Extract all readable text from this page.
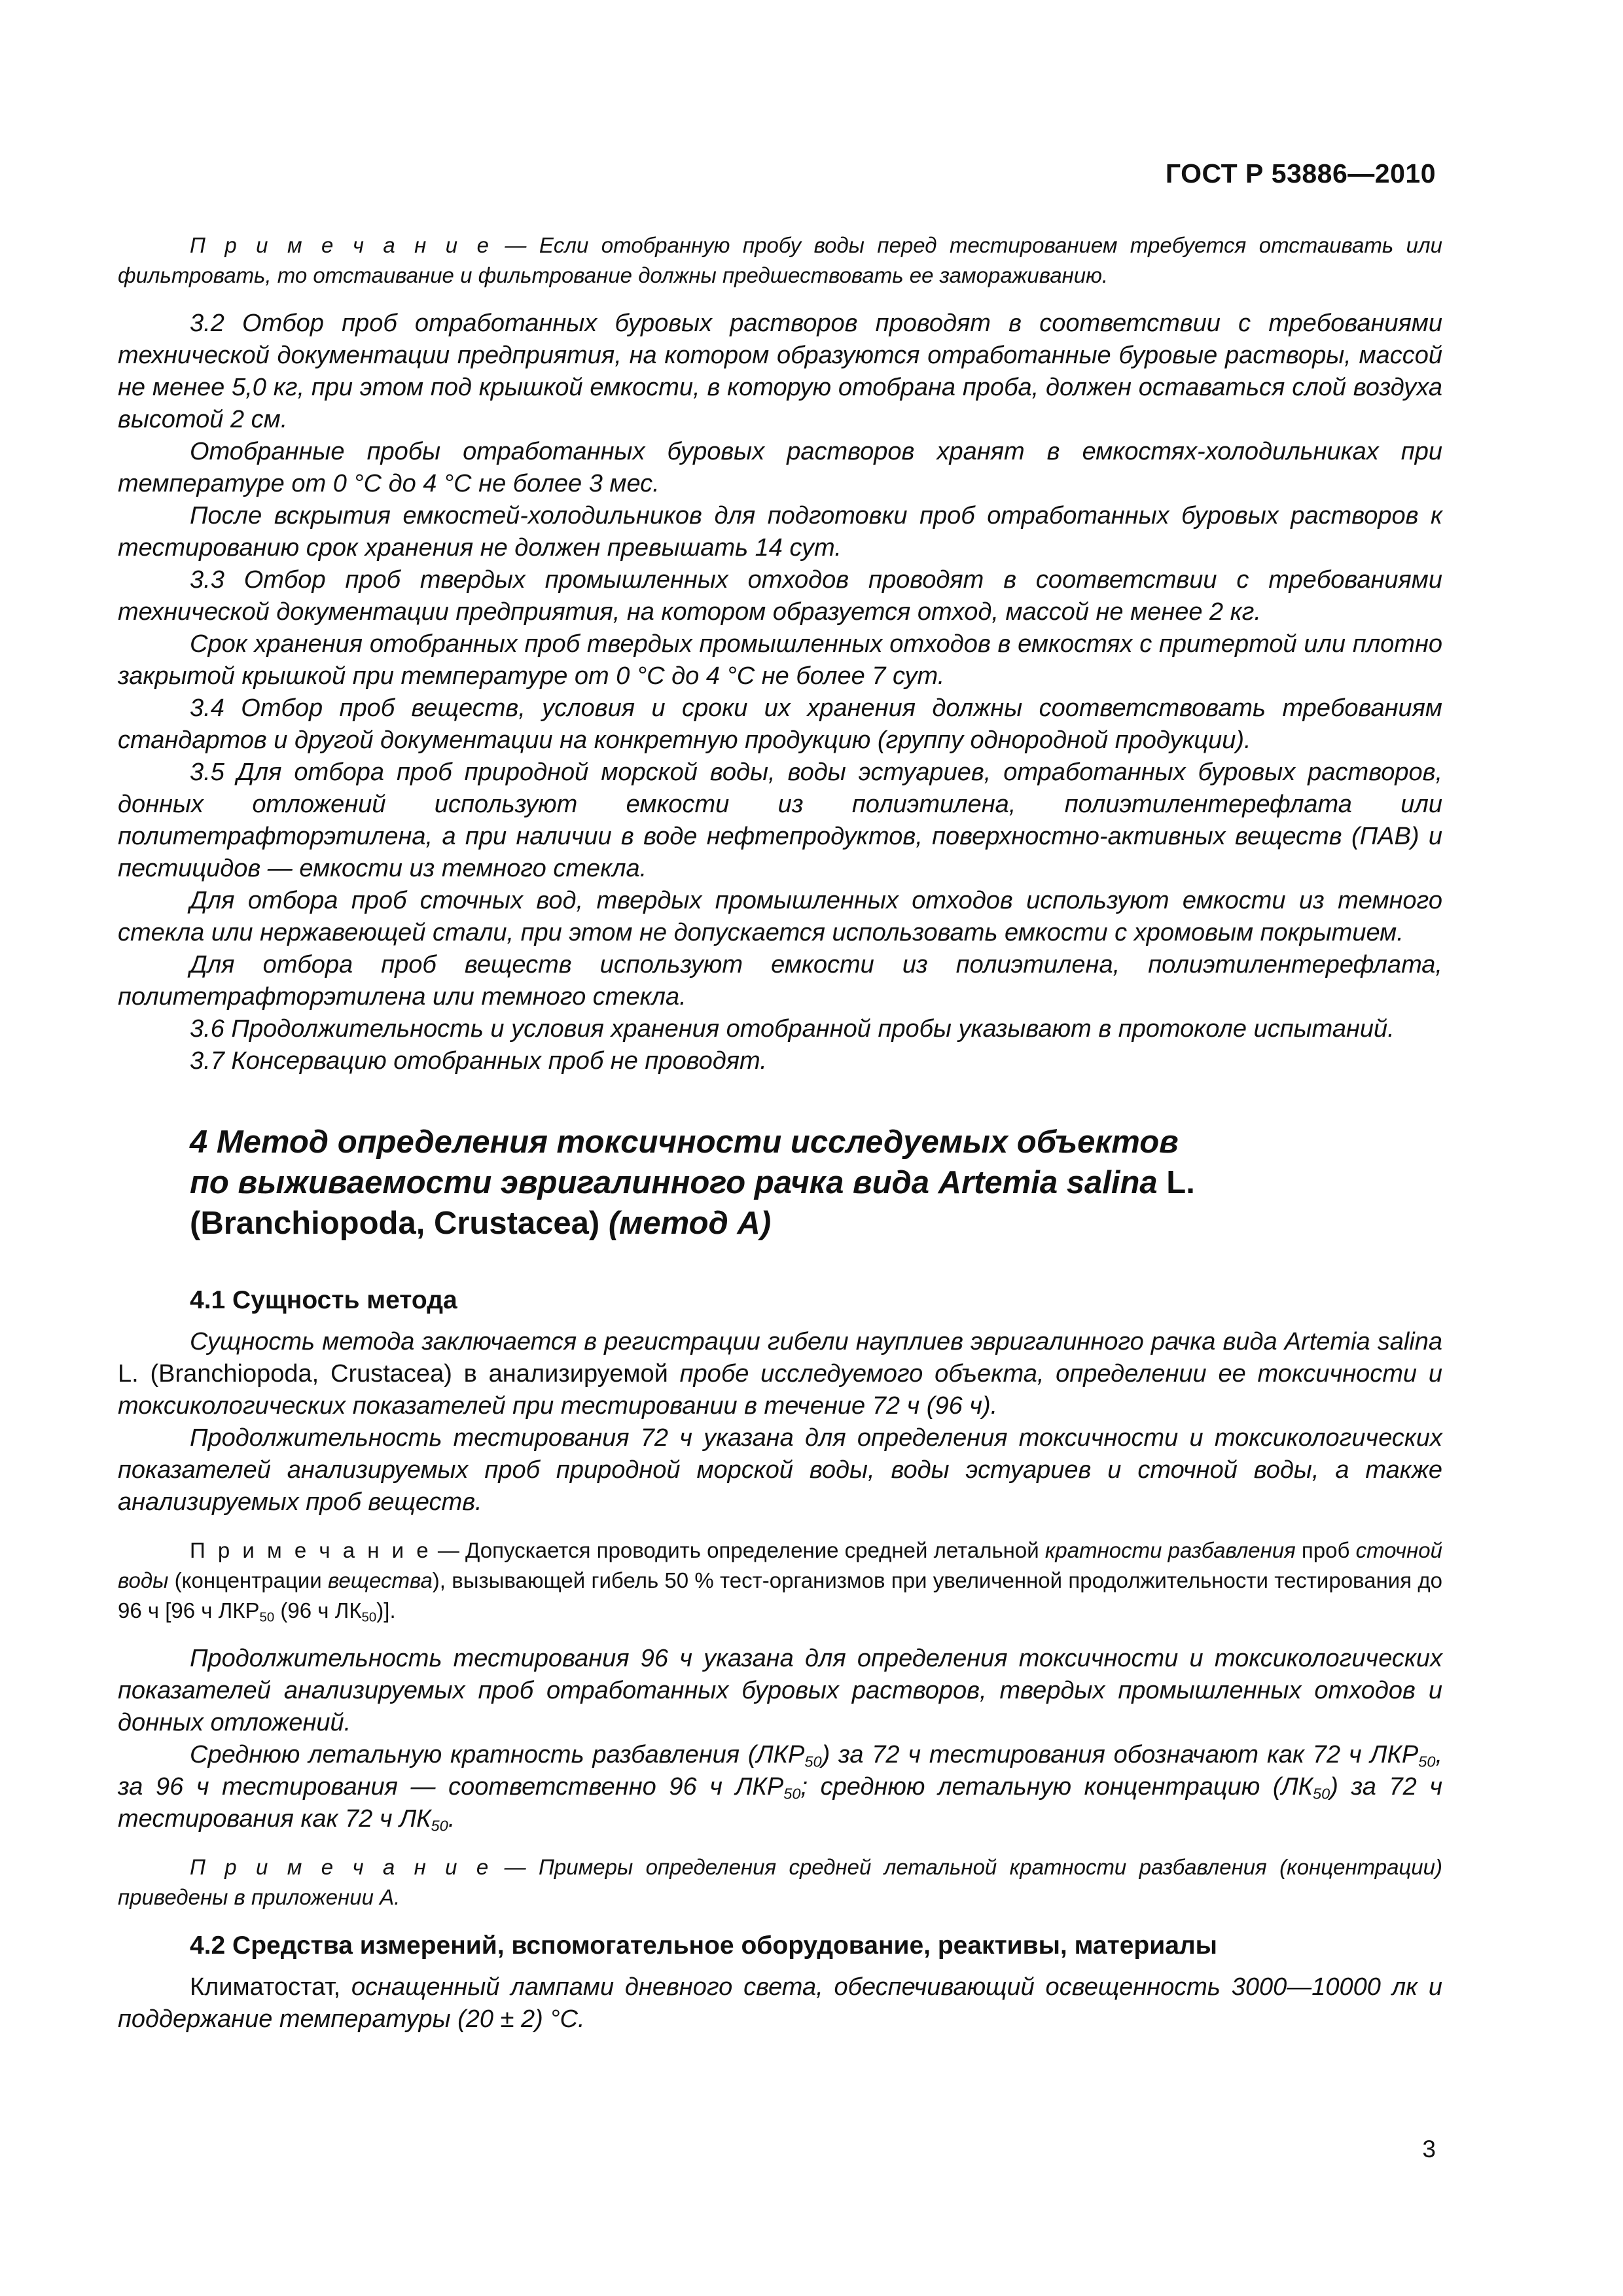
ГОСТ Р 53886—2010

П р и м е ч а н и е — Если отобранную пробу воды перед тестированием требуется отстаивать или фильтровать, то отстаивание и фильтрование должны предшествовать ее замораживанию.

3.2 Отбор проб отработанных буровых растворов проводят в соответствии с требованиями технической документации предприятия, на котором образуются отработанные буровые растворы, массой не менее 5,0 кг, при этом под крышкой емкости, в которую отобрана проба, должен оставаться слой воздуха высотой 2 см.

Отобранные пробы отработанных буровых растворов хранят в емкостях-холодильниках при температуре от 0 °С до 4 °С не более 3 мес.

После вскрытия емкостей-холодильников для подготовки проб отработанных буровых растворов к тестированию срок хранения не должен превышать 14 сут.

3.3 Отбор проб твердых промышленных отходов проводят в соответствии с требованиями технической документации предприятия, на котором образуется отход, массой не менее 2 кг.

Срок хранения отобранных проб твердых промышленных отходов в емкостях с притертой или плотно закрытой крышкой при температуре от 0 °С до 4 °С не более 7 сут.

3.4 Отбор проб веществ, условия и сроки их хранения должны соответствовать требованиям стандартов и другой документации на конкретную продукцию (группу однородной продукции).

3.5 Для отбора проб природной морской воды, воды эстуариев, отработанных буровых растворов, донных отложений используют емкости из полиэтилена, полиэтилентерефлата или политетрафторэтилена, а при наличии в воде нефтепродуктов, поверхностно-активных веществ (ПАВ) и пестицидов — емкости из темного стекла.

Для отбора проб сточных вод, твердых промышленных отходов используют емкости из темного стекла или нержавеющей стали, при этом не допускается использовать емкости с хромовым покрытием.

Для отбора проб веществ используют емкости из полиэтилена, полиэтилентерефлата, политетрафторэтилена или темного стекла.

3.6 Продолжительность и условия хранения отобранной пробы указывают в протоколе испытаний.

3.7 Консервацию отобранных проб не проводят.

4 Метод определения токсичности исследуемых объектов
по выживаемости эвригалинного рачка вида Artemia salina L.
(Branchiopoda, Crustacea) (метод А)
4.1 Сущность метода

Сущность метода заключается в регистрации гибели науплиев эвригалинного рачка вида Artemia salina L. (Branchiopoda, Crustacea) в анализируемой пробе исследуемого объекта, определении ее токсичности и токсикологических показателей при тестировании в течение 72 ч (96 ч).

Продолжительность тестирования 72 ч указана для определения токсичности и токсикологических показателей анализируемых проб природной морской воды, воды эстуариев и сточной воды, а также анализируемых проб веществ.

П р и м е ч а н и е — Допускается проводить определение средней летальной кратности разбавления проб сточной воды (концентрации вещества), вызывающей гибель 50 % тест-организмов при увеличенной продолжительности тестирования до 96 ч [96 ч $ЛКР_{50}$ (96 ч $ЛК_{50}$)].

Продолжительность тестирования 96 ч указана для определения токсичности и токсикологических показателей анализируемых проб отработанных буровых растворов, твердых промышленных отходов и донных отложений.

Среднюю летальную кратность разбавления $(ЛКР_{50})$ за 72 ч тестирования обозначают как 72 ч $ЛКР_{50}$, за 96 ч тестирования — соответственно 96 ч $ЛКР_{50}$; среднюю летальную концентрацию $(ЛК_{50})$ за 72 ч тестирования как 72 ч $ЛК_{50}$.

П р и м е ч а н и е — Примеры определения средней летальной кратности разбавления (концентрации) приведены в приложении А.

4.2 Средства измерений, вспомогательное оборудование, реактивы, материалы

Климатостат, оснащенный лампами дневного света, обеспечивающий освещенность 3000—10000 лк и поддержание температуры (20 ± 2) °С.

3
